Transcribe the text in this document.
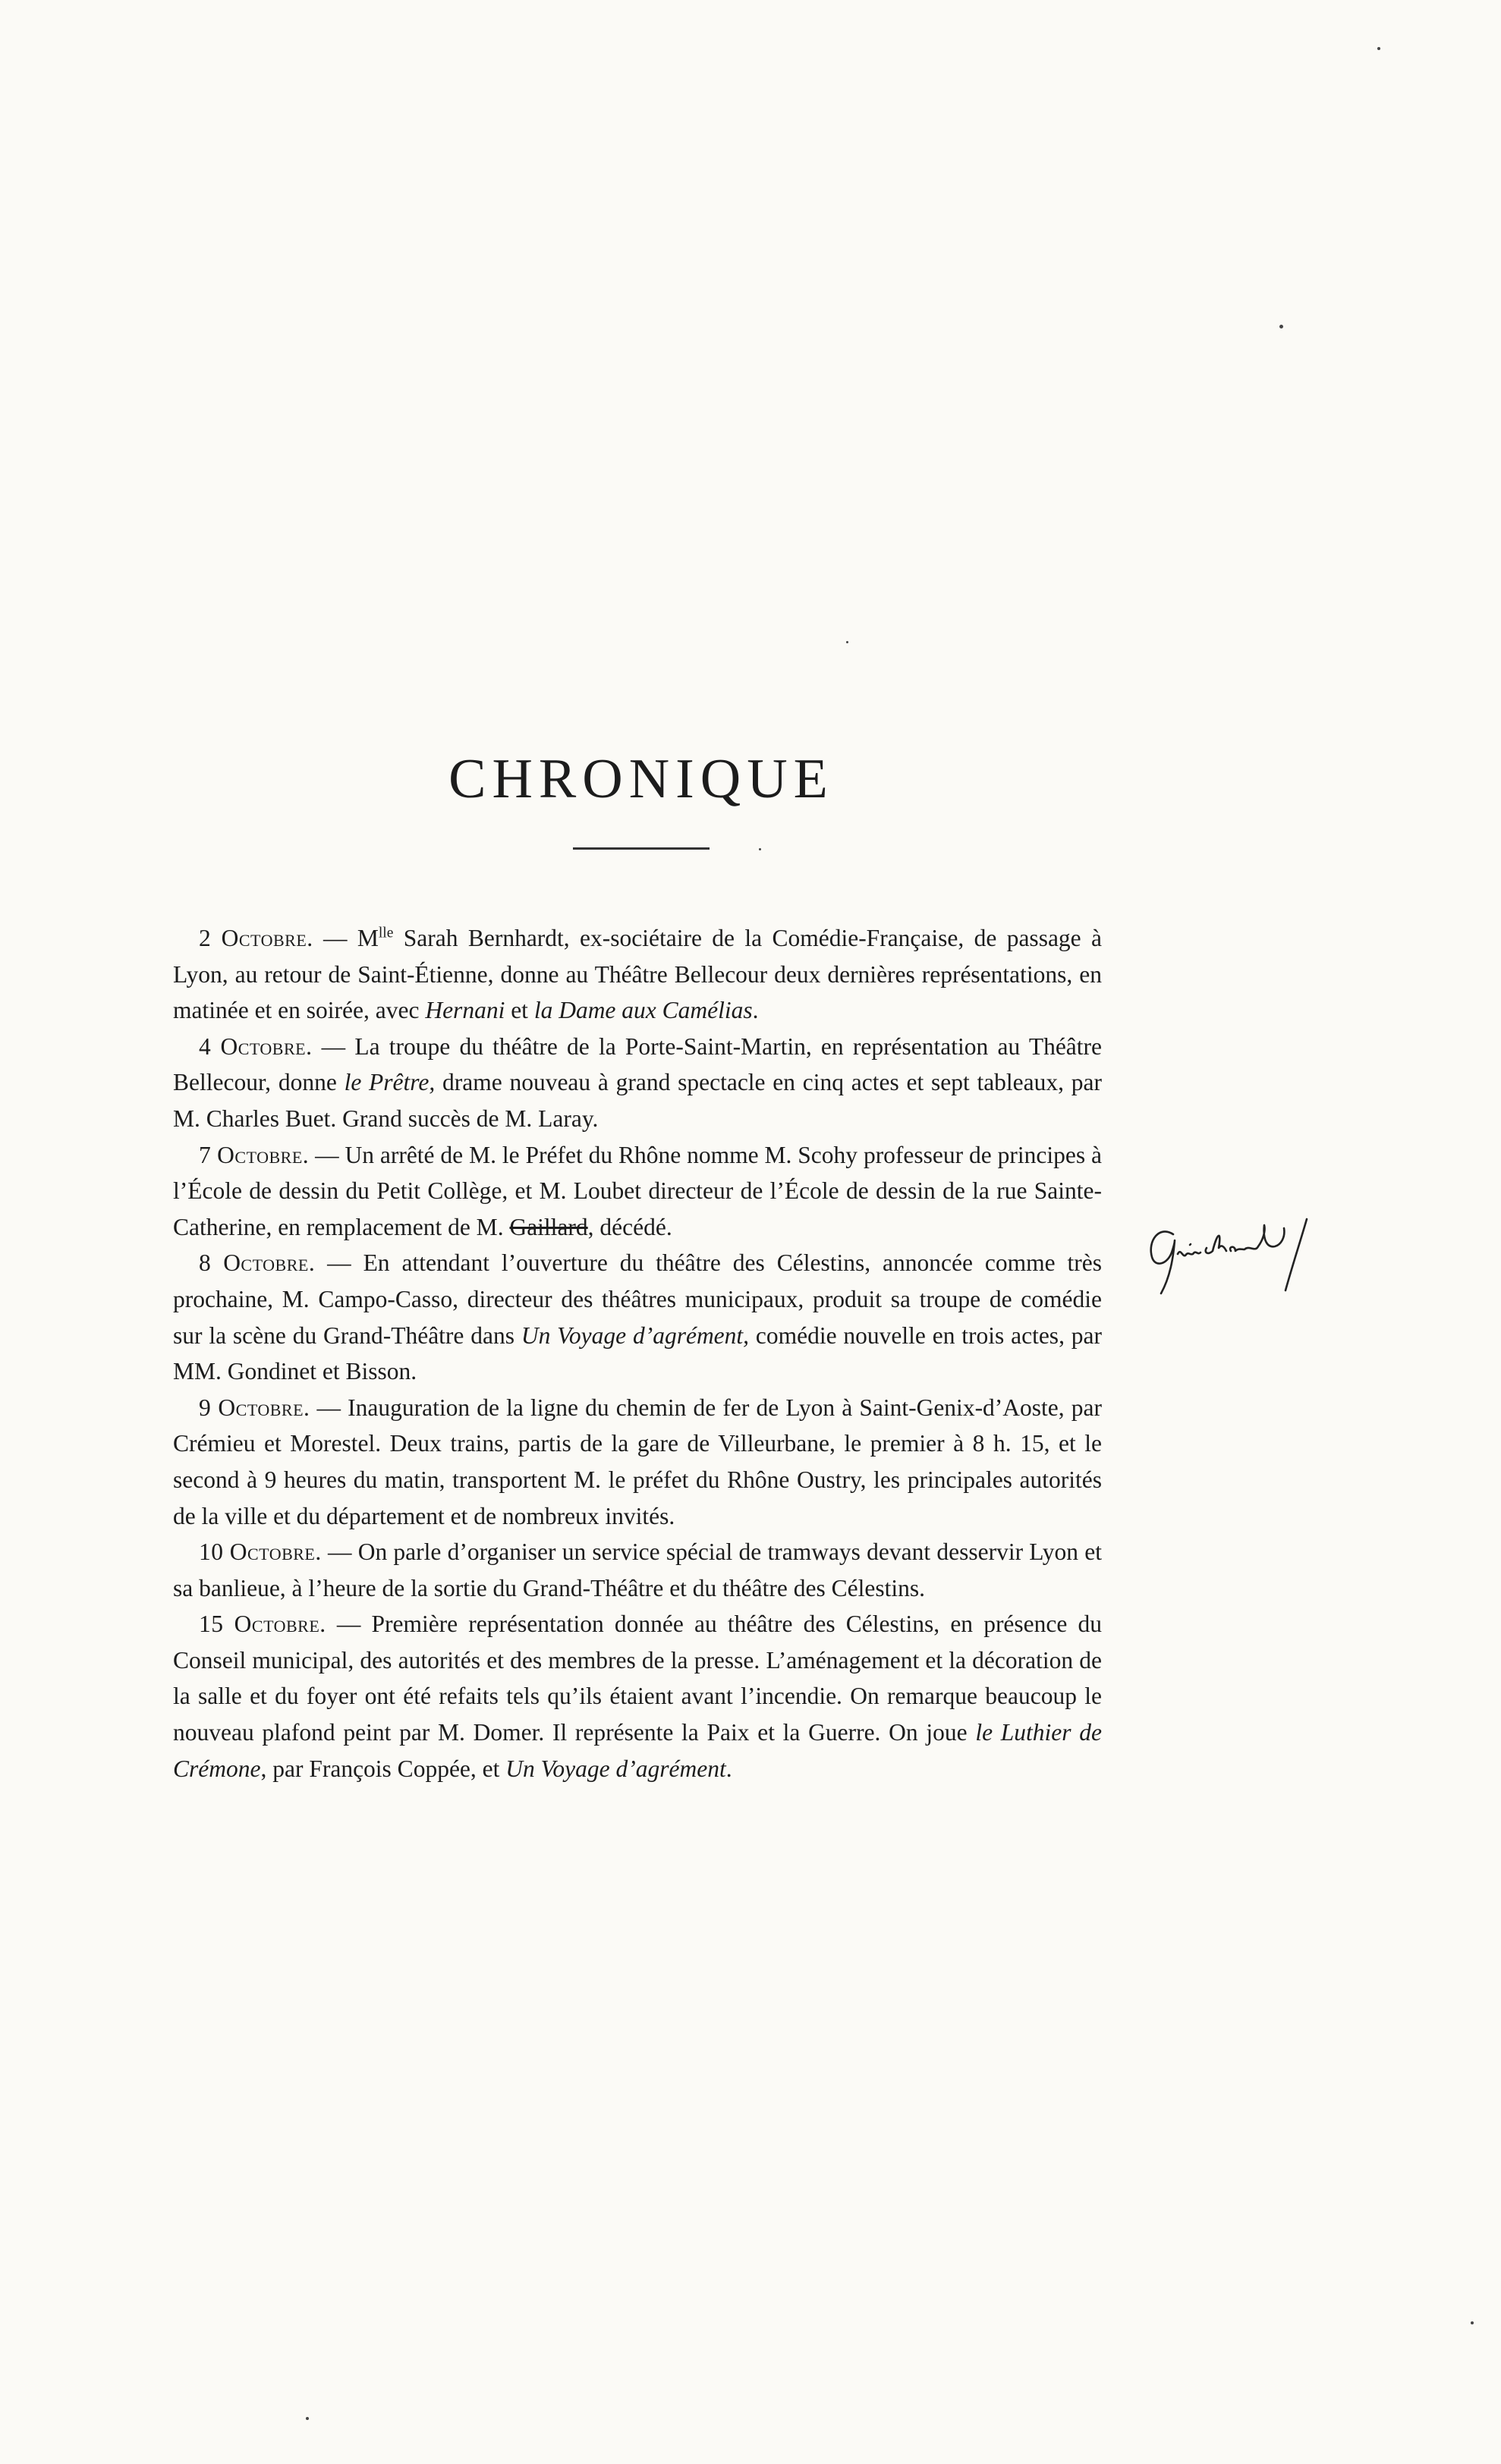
CHRONIQUE

2 Octobre. — $M^{lle}$ Sarah Bernhardt, ex-sociétaire de la Comédie-Française, de passage à Lyon, au retour de Saint-Étienne, donne au Théâtre Bellecour deux dernières représentations, en matinée et en soirée, avec Hernani et la Dame aux Camélias.

4 Octobre. — La troupe du théâtre de la Porte-Saint-Martin, en représentation au Théâtre Bellecour, donne le Prêtre, drame nouveau à grand spectacle en cinq actes et sept tableaux, par M. Charles Buet. Grand succès de M. Laray.

7 Octobre. — Un arrêté de M. le Préfet du Rhône nomme M. Scohy professeur de principes à l’École de dessin du Petit Collège, et M. Loubet directeur de l’École de dessin de la rue Sainte-Catherine, en remplacement de M. Gaillard, décédé.

8 Octobre. — En attendant l’ouverture du théâtre des Célestins, annoncée comme très prochaine, M. Campo-Casso, directeur des théâtres municipaux, produit sa troupe de comédie sur la scène du Grand-Théâtre dans Un Voyage d’agrément, comédie nouvelle en trois actes, par MM. Gondinet et Bisson.

9 Octobre. — Inauguration de la ligne du chemin de fer de Lyon à Saint-Genix-d’Aoste, par Crémieu et Morestel. Deux trains, partis de la gare de Villeurbane, le premier à 8 h. 15, et le second à 9 heures du matin, transportent M. le préfet du Rhône Oustry, les principales autorités de la ville et du département et de nombreux invités.

10 Octobre. — On parle d’organiser un service spécial de tramways devant desservir Lyon et sa banlieue, à l’heure de la sortie du Grand-Théâtre et du théâtre des Célestins.

15 Octobre. — Première représentation donnée au théâtre des Célestins, en présence du Conseil municipal, des autorités et des membres de la presse. L’aménagement et la décoration de la salle et du foyer ont été refaits tels qu’ils étaient avant l’incendie. On remarque beaucoup le nouveau plafond peint par M. Domer. Il représente la Paix et la Guerre. On joue le Luthier de Crémone, par François Coppée, et Un Voyage d’agrément.
